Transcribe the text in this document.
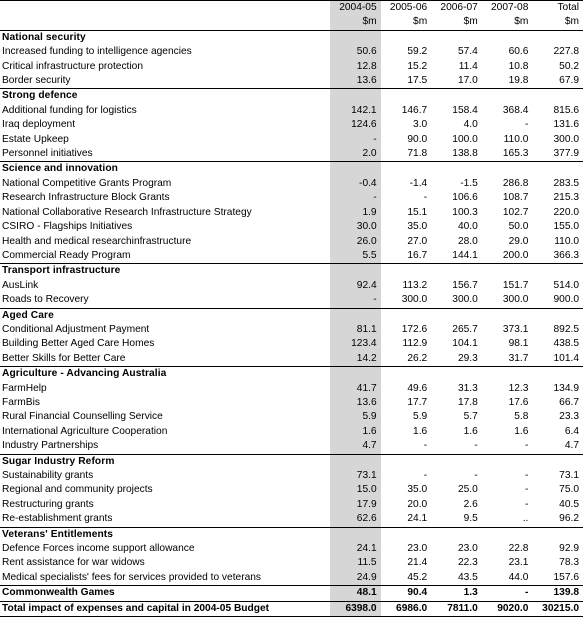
	2004-05	2005-06	2006-07	2007-08	Total
	$m	$m	$m	$m	$m
National security					
Increased funding to intelligence agencies	50.6	59.2	57.4	60.6	227.8
Critical infrastructure protection	12.8	15.2	11.4	10.8	50.2
Border security	13.6	17.5	17.0	19.8	67.9
Strong defence					
Additional funding for logistics	142.1	146.7	158.4	368.4	815.6
Iraq deployment	124.6	3.0	4.0	-	131.6
Estate Upkeep	-	90.0	100.0	110.0	300.0
Personnel initiatives	2.0	71.8	138.8	165.3	377.9
Science and innovation					
National Competitive Grants Program	-0.4	-1.4	-1.5	286.8	283.5
Research Infrastructure Block Grants	-	-	106.6	108.7	215.3
National Collaborative Research Infrastructure Strategy	1.9	15.1	100.3	102.7	220.0
CSIRO - Flagships Initiatives	30.0	35.0	40.0	50.0	155.0
Health and medical researchinfrastructure	26.0	27.0	28.0	29.0	110.0
Commercial Ready Program	5.5	16.7	144.1	200.0	366.3
Transport infrastructure					
AusLink	92.4	113.2	156.7	151.7	514.0
Roads to Recovery	-	300.0	300.0	300.0	900.0
Aged Care					
Conditional Adjustment Payment	81.1	172.6	265.7	373.1	892.5
Building Better Aged Care Homes	123.4	112.9	104.1	98.1	438.5
Better Skills for Better Care	14.2	26.2	29.3	31.7	101.4
Agriculture - Advancing Australia					
FarmHelp	41.7	49.6	31.3	12.3	134.9
FarmBis	13.6	17.7	17.8	17.6	66.7
Rural Financial Counselling Service	5.9	5.9	5.7	5.8	23.3
International Agriculture Cooperation	1.6	1.6	1.6	1.6	6.4
Industry Partnerships	4.7	-	-	-	4.7
Sugar Industry Reform					
Sustainability grants	73.1	-	-	-	73.1
Regional and community projects	15.0	35.0	25.0	-	75.0
Restructuring grants	17.9	20.0	2.6	-	40.5
Re-establishment grants	62.6	24.1	9.5	..	96.2
Veterans' Entitlements					
Defence Forces income support allowance	24.1	23.0	23.0	22.8	92.9
Rent assistance for war widows	11.5	21.4	22.3	23.1	78.3
Medical specialists' fees for services provided to veterans	24.9	45.2	43.5	44.0	157.6
Commonwealth Games	48.1	90.4	1.3	-	139.8
Total impact of expenses and capital in 2004-05 Budget	6398.0	6986.0	7811.0	9020.0	30215.0
